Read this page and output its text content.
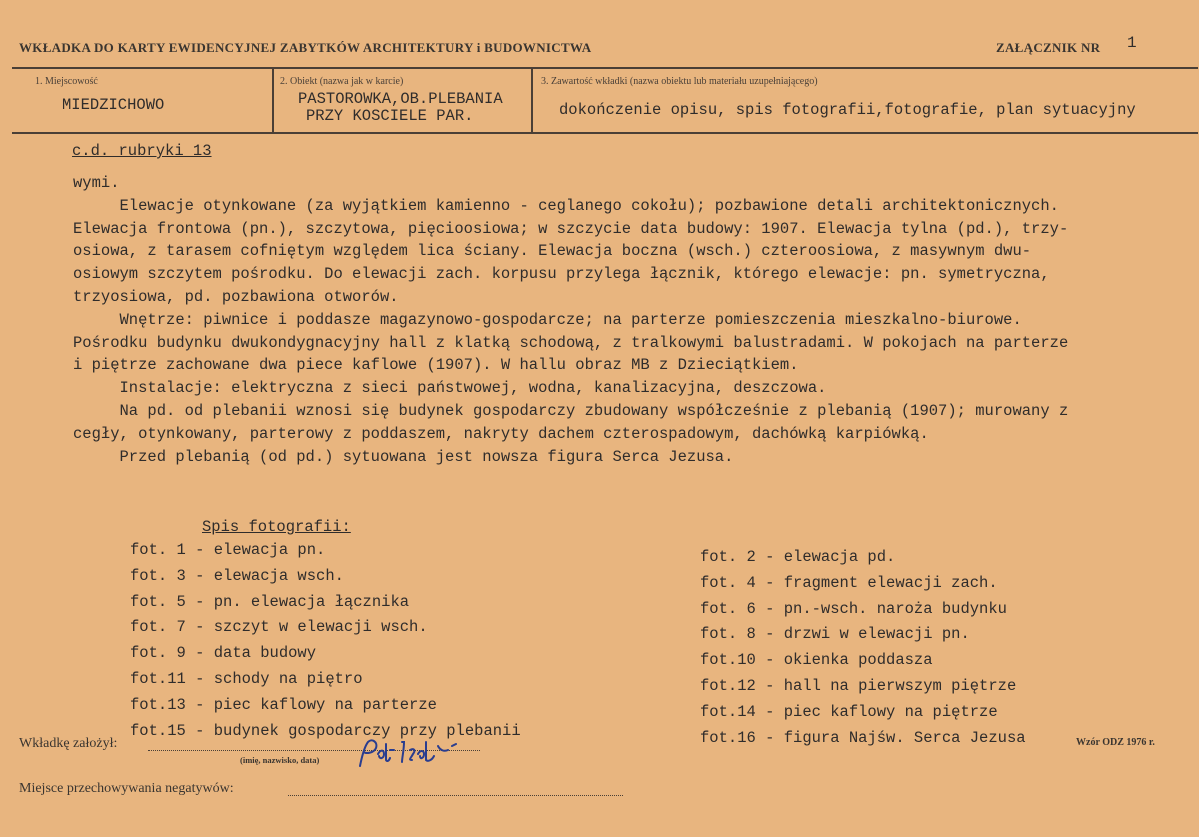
WKŁADKA DO KARTY EWIDENCYJNEJ ZABYTKÓW ARCHITEKTURY i BUDOWNICTWA	ZAŁĄCZNIK NR 1
1. Miejscowość
MIEDZICHOWO
2. Obiekt (nazwa jak w karcie)
PASTOROWKA,OB.PLEBANIA
PRZY KOSCIELE PAR.
3. Zawartość wkładki (nazwa obiektu lub materiału uzupełniającego)
dokończenie opisu, spis fotografii,fotografie, plan sytuacyjny
c.d. rubryki 13
wymi.
Elewacje otynkowane (za wyjątkiem kamienno - ceglanego cokołu); pozbawione detali architektonicznych.
Elewacja frontowa (pn.), szczytowa, pięcioosiowa; w szczycie data budowy: 1907. Elewacja tylna (pd.), trzy-
osiowa, z tarasem cofniętym względem lica ściany. Elewacja boczna (wsch.) czteroosiowa, z masywnym dwu-
osiowym szczytem pośrodku. Do elewacji zach. korpusu przylega łącznik, którego elewacje: pn. symetryczna,
trzyosiowa, pd. pozbawiona otworów.
Wnętrze: piwnice i poddasze magazynowo-gospodarcze; na parterze pomieszczenia mieszkalno-biurowe.
Pośrodku budynku dwukondygnacyjny hall z klatką schodową, z tralkowymi balustradami. W pokojach na parterze
i piętrze zachowane dwa piece kaflowe (1907). W hallu obraz MB z Dzieciątkiem.
Instalacje: elektryczna z sieci państwowej, wodna, kanalizacyjna, deszczowa.
Na pd. od plebanii wznosi się budynek gospodarczy zbudowany współcześnie z plebanią (1907); murowany z
cegły, otynkowany, parterowy z poddaszem, nakryty dachem czterospadowym, dachówką karpiówką.
Przed plebanią (od pd.) sytuowana jest nowsza figura Serca Jezusa.
Spis fotografii:
fot. 1 - elewacja pn.
fot. 3 - elewacja wsch.
fot. 5 - pn. elewacja łącznika
fot. 7 - szczyt w elewacji wsch.
fot. 9 - data budowy
fot.11 - schody na piętro
fot.13 - piec kaflowy na parterze
fot.15 - budynek gospodarczy przy plebanii
fot. 2 - elewacja pd.
fot. 4 - fragment elewacji zach.
fot. 6 - pn.-wsch. naroża budynku
fot. 8 - drzwi w elewacji pn.
fot.10 - okienka poddasza
fot.12 - hall na pierwszym piętrze
fot.14 - piec kaflowy na piętrze
fot.16 - figura Najśw. Serca Jezusa
Wkładkę założył:
(imię, nazwisko, data)
Wzór ODZ 1976 r.
Miejsce przechowywania negatywów:
